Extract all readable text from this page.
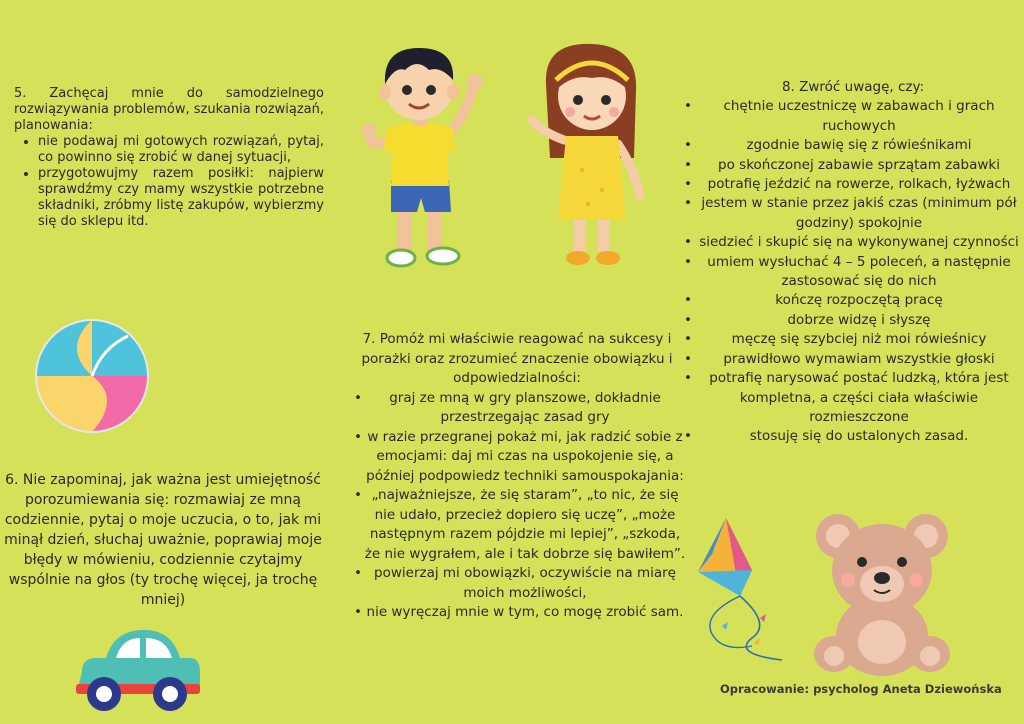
5. Zachęcaj mnie do samodzielnego rozwiązywania problemów, szukania rozwiązań, planowania:
• nie podawaj mi gotowych rozwiązań, pytaj, co powinno się zrobić w danej sytuacji,
• przygotowujmy razem posiłki: najpierw sprawdźmy czy mamy wszystkie potrzebne składniki, zróbmy listę zakupów, wybierzmy się do sklepu itd.
6. Nie zapominaj, jak ważna jest umiejętność porozumiewania się: rozmawiaj ze mną codziennie, pytaj o moje uczucia, o to, jak mi minął dzień, słuchaj uważnie, poprawiaj moje błędy w mówieniu, codziennie czytajmy wspólnie na głos (ty trochę więcej, ja trochę mniej)
7. Pomóż mi właściwie reagować na sukcesy i porażki oraz zrozumieć znaczenie obowiązku i odpowiedzialności:
• graj ze mną w gry planszowe, dokładnie przestrzegając zasad gry
• w razie przegranej pokaż mi, jak radzić sobie z emocjami: daj mi czas na uspokojenie się, a później podpowiedz techniki samouspokajania:
• „najważniejsze, że się staram”, „to nic, że się nie udało, przecież dopiero się uczę”, „może następnym razem pójdzie mi lepiej”, „szkoda, że nie wygrałem, ale i tak dobrze się bawiłem”.
• powierzaj mi obowiązki, oczywiście na miarę moich możliwości,
• nie wyręczaj mnie w tym, co mogę zrobić sam.
8. Zwróć uwagę, czy:
• chętnie uczestniczę w zabawach i grach ruchowych
• zgodnie bawię się z rówieśnikami
• po skończonej zabawie sprzątam zabawki
• potrafię jeździć na rowerze, rolkach, łyżwach
• jestem w stanie przez jakiś czas (minimum pół godziny) spokojnie
• siedzieć i skupić się na wykonywanej czynności
• umiem wysłuchać 4 – 5 poleceń, a następnie zastosować się do nich
• kończę rozpoczętą pracę
• dobrze widzę i słyszę
• męczę się szybciej niż moi rówieśnicy
• prawidłowo wymawiam wszystkie głoski
• potrafię narysować postać ludzką, która jest kompletna, a części ciała właściwie rozmieszczone
• stosuję się do ustalonych zasad.
Opracowanie: psycholog Aneta Dziewońska
